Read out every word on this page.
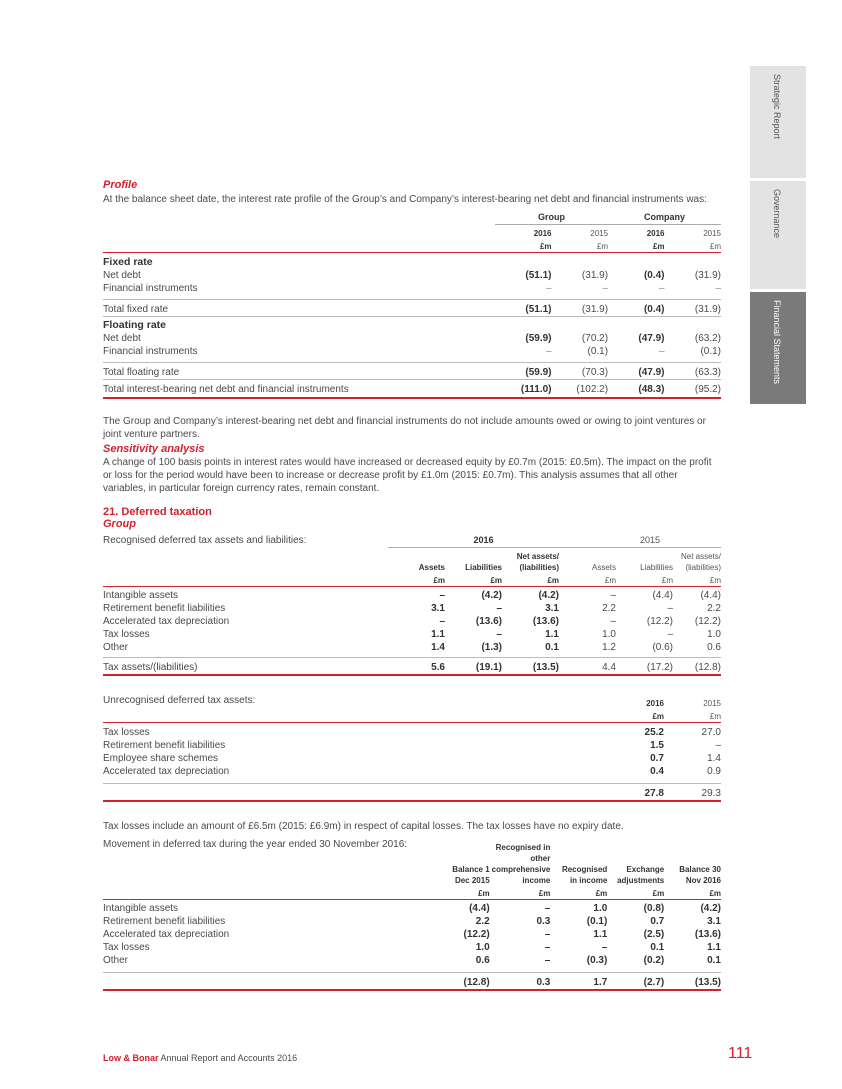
Strategic Report
Governance
Financial Statements
Profile
At the balance sheet date, the interest rate profile of the Group’s and Company’s interest-bearing net debt and financial instruments was:
	Group		Company	
	2016	2015	2016	2015
	£m	£m	£m	£m

Fixed rate				
Net debt	(51.1)	(31.9)	(0.4)	(31.9)
Financial instruments	–	–	–	–

Total fixed rate	(51.1)	(31.9)	(0.4)	(31.9)

Floating rate				
Net debt	(59.9)	(70.2)	(47.9)	(63.2)
Financial instruments	–	(0.1)	–	(0.1)

Total floating rate	(59.9)	(70.3)	(47.9)	(63.3)
Total interest-bearing net debt and financial instruments	(111.0)	(102.2)	(48.3)	(95.2)
The Group and Company’s interest-bearing net debt and financial instruments do not include amounts owed or owing to joint ventures or joint venture partners.
Sensitivity analysis
A change of 100 basis points in interest rates would have increased or decreased equity by £0.7m (2015: £0.5m). The impact on the profit or loss for the period would have been to increase or decrease profit by £1.0m (2015: £0.7m). This analysis assumes that all other variables, in particular foreign currency rates, remain constant.
21. Deferred taxation
Group
Recognised deferred tax assets and liabilities:
		2016			2015		
	Assets	Liabilities	Net assets/ (liabilities)	Assets	Liabilities	Net assets/ (liabilities)
	£m	£m	£m	£m	£m	£m

Intangible assets	–	(4.2)	(4.2)	–	(4.4)	(4.4)
Retirement benefit liabilities	3.1	–	3.1	2.2	–	2.2
Accelerated tax depreciation	–	(13.6)	(13.6)	–	(12.2)	(12.2)
Tax losses	1.1	–	1.1	1.0	–	1.0
Other	1.4	(1.3)	0.1	1.2	(0.6)	0.6

Tax assets/(liabilities)	5.6	(19.1)	(13.5)	4.4	(17.2)	(12.8)
Unrecognised deferred tax assets:
		2016	2015
	£m	£m

Tax losses	25.2	27.0
Retirement benefit liabilities	1.5	–
Employee share schemes	0.7	1.4
Accelerated tax depreciation	0.4	0.9

	27.8	29.3
Tax losses include an amount of £6.5m (2015: £6.9m) in respect of capital losses. The tax losses have no expiry date.
Movement in deferred tax during the year ended 30 November 2016:
	Balance 1 Dec 2015	Recognised in other comprehensive income	Recognised in income	Exchange adjustments	Balance 30 Nov 2016
	£m	£m	£m	£m	£m

Intangible assets	(4.4)	–	1.0	(0.8)	(4.2)
Retirement benefit liabilities	2.2	0.3	(0.1)	0.7	3.1
Accelerated tax depreciation	(12.2)	–	1.1	(2.5)	(13.6)
Tax losses	1.0	–	–	0.1	1.1
Other	0.6	–	(0.3)	(0.2)	0.1

	(12.8)	0.3	1.7	(2.7)	(13.5)
Low & Bonar Annual Report and Accounts 2016	111
